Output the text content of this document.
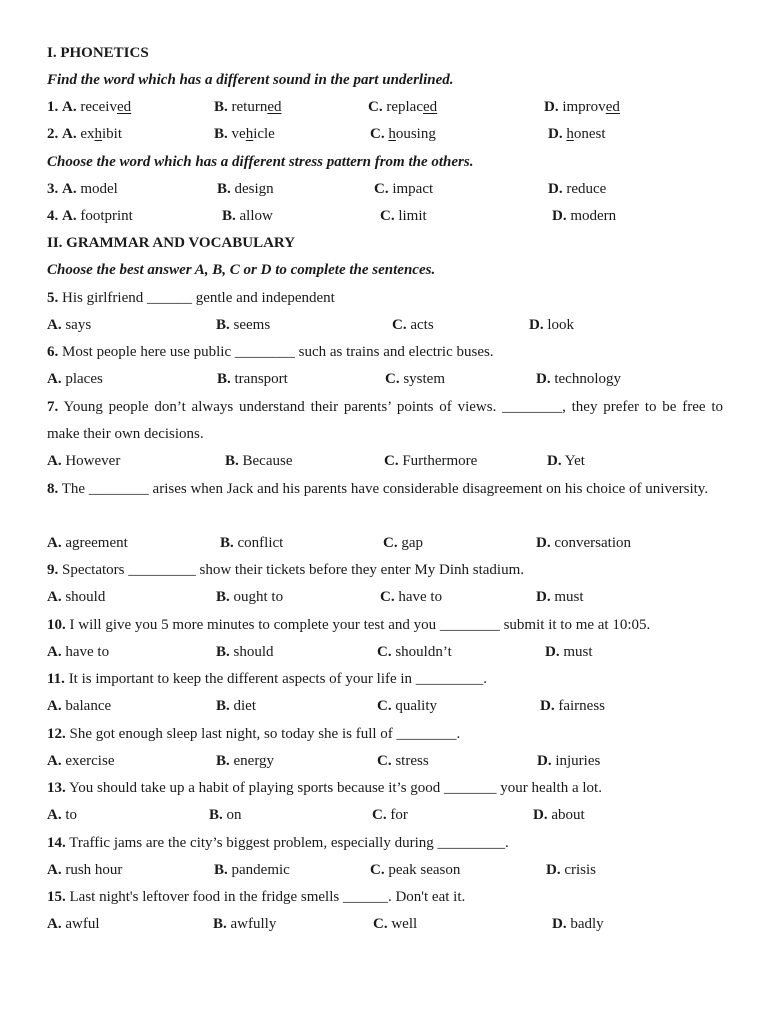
I. PHONETICS
Find the word which has a different sound in the part underlined.
1. A. received	B. returned	C. replaced	D. improved
2. A. exhibit	B. vehicle	C. housing	D. honest
Choose the word which has a different stress pattern from the others.
3. A. model	B. design	C. impact	D. reduce
4. A. footprint	B. allow	C. limit	D. modern
II. GRAMMAR AND VOCABULARY
Choose the best answer A, B, C or D to complete the sentences.
5. His girlfriend ______ gentle and independent
A. says	B. seems	C. acts	D. look
6. Most people here use public ________ such as trains and electric buses.
A. places	B. transport	C. system	D. technology
7. Young people don’t always understand their parents’ points of views. ________, they prefer to be free to make their own decisions.
A. However	B. Because	C. Furthermore	D. Yet
8. The ________ arises when Jack and his parents have considerable disagreement on his choice of university.
A. agreement	B. conflict	C. gap	D. conversation
9. Spectators _________ show their tickets before they enter My Dinh stadium.
A. should	B. ought to	C. have to	D. must
10. I will give you 5 more minutes to complete your test and you ________ submit it to me at 10:05.
A. have to	B. should	C. shouldn’t	D. must
11. It is important to keep the different aspects of your life in _________.
A. balance	B. diet	C. quality	D. fairness
12. She got enough sleep last night, so today she is full of ________.
A. exercise	B. energy	C. stress	D. injuries
13. You should take up a habit of playing sports because it’s good _______ your health a lot.
A. to	B. on	C. for	D. about
14. Traffic jams are the city’s biggest problem, especially during _________.
A. rush hour	B. pandemic	C. peak season	D. crisis
15. Last night's leftover food in the fridge smells ______. Don't eat it.
A. awful	B. awfully	C. well	D. badly
